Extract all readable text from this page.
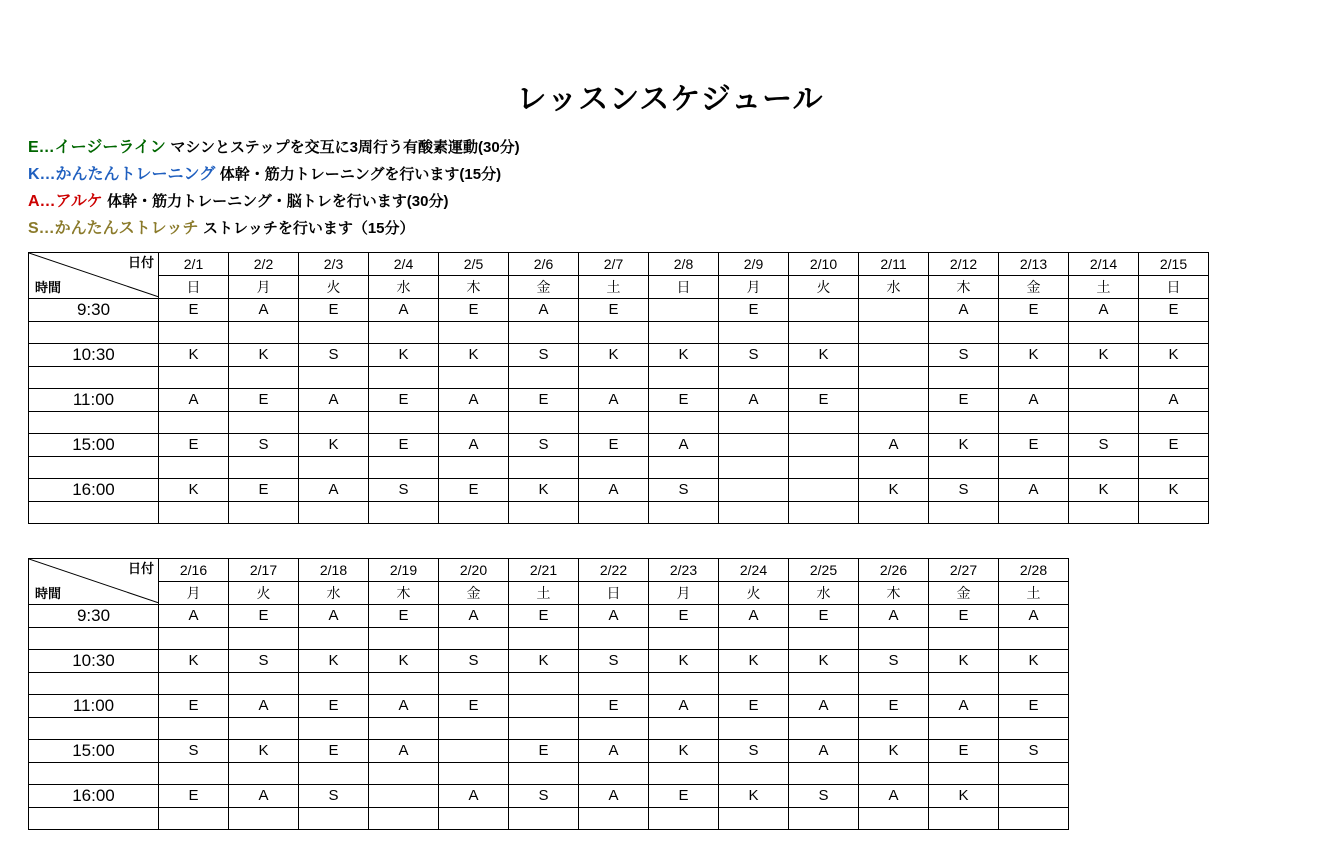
レッスンスケジュール
E…イージーライン マシンとステップを交互に3周行う有酸素運動(30分)
K…かんたんトレーニング 体幹・筋力トレーニングを行います(15分)
A…アルケ 体幹・筋力トレーニング・脳トレを行います(30分)
S…かんたんストレッチ ストレッチを行います（15分）
日付
時間	2/1	2/2	2/3	2/4	2/5	2/6	2/7	2/8	2/9	2/10	2/11	2/12	2/13	2/14	2/15
	日	月	火	水	木	金	土	日	月	火	水	木	金	土	日
9:30	E	A	E	A	E	A	E		E			A	E	A	E

10:30	K	K	S	K	K	S	K	K	S	K		S	K	K	K

11:00	A	E	A	E	A	E	A	E	A	E		E	A		A

15:00	E	S	K	E	A	S	E	A			A	K	E	S	E

16:00	K	E	A	S	E	K	A	S			K	S	A	K	K

日付
時間	2/16	2/17	2/18	2/19	2/20	2/21	2/22	2/23	2/24	2/25	2/26	2/27	2/28
	月	火	水	木	金	土	日	月	火	水	木	金	土
9:30	A	E	A	E	A	E	A	E	A	E	A	E	A

10:30	K	S	K	K	S	K	S	K	K	K	S	K	K

11:00	E	A	E	A	E		E	A	E	A	E	A	E

15:00	S	K	E	A		E	A	K	S	A	K	E	S

16:00	E	A	S		A	S	A	E	K	S	A	K	
